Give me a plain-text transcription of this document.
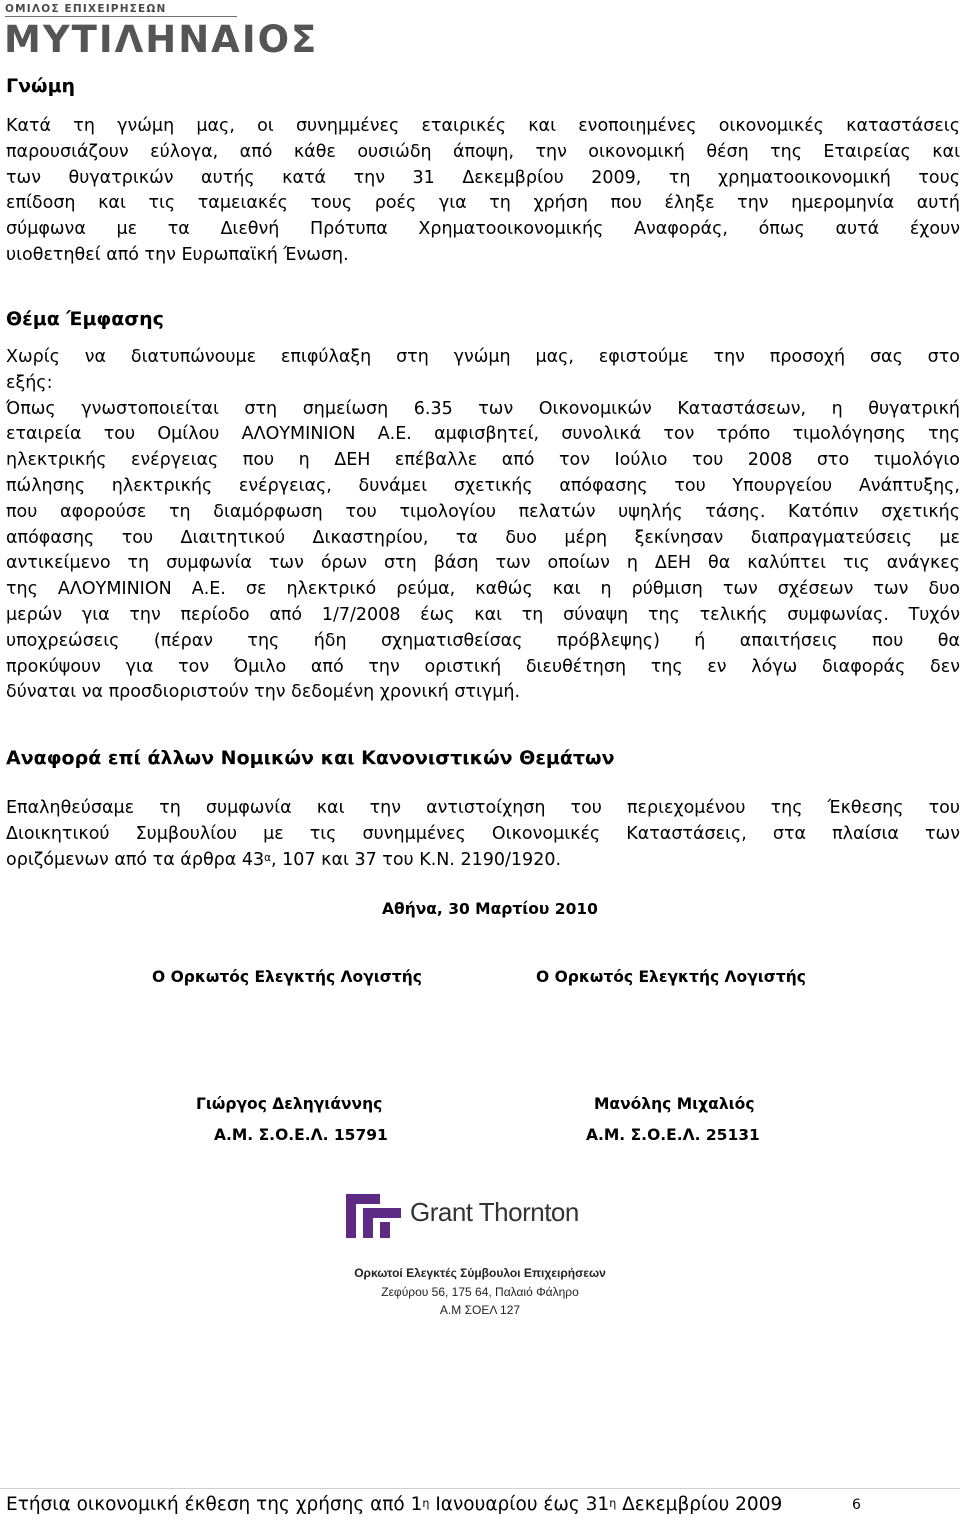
ΟΜΙΛΟΣ ΕΠΙΧΕΙΡΗΣΕΩΝ
ΜΥΤΙΛΗΝΑΙΟΣ
Γνώμη
Κατά τη γνώμη μας, οι συνημμένες εταιρικές και ενοποιημένες οικονομικές καταστάσεις
παρουσιάζουν εύλογα, από κάθε ουσιώδη άποψη, την οικονομική θέση της Εταιρείας και
των θυγατρικών αυτής κατά την 31 Δεκεμβρίου 2009, τη χρηματοοικονομική τους
επίδοση και τις ταμειακές τους ροές για τη χρήση που έληξε την ημερομηνία αυτή
σύμφωνα με τα Διεθνή Πρότυπα Χρηματοοικονομικής Αναφοράς, όπως αυτά έχουν
υιοθετηθεί από την Ευρωπαϊκή Ένωση.
Θέμα Έμφασης
Χωρίς να διατυπώνουμε επιφύλαξη στη γνώμη μας, εφιστούμε την προσοχή σας στο
εξής:
Όπως γνωστοποιείται στη σημείωση 6.35 των Οικονομικών Καταστάσεων, η θυγατρική
εταιρεία του Ομίλου ΑΛΟΥΜΙΝΙΟΝ Α.Ε. αμφισβητεί, συνολικά τον τρόπο τιμολόγησης της
ηλεκτρικής ενέργειας που η ΔΕΗ επέβαλλε από τον Ιούλιο του 2008 στο τιμολόγιο
πώλησης ηλεκτρικής ενέργειας, δυνάμει σχετικής απόφασης του Υπουργείου Ανάπτυξης,
που αφορούσε τη διαμόρφωση του τιμολογίου πελατών υψηλής τάσης. Κατόπιν σχετικής
απόφασης του Διαιτητικού Δικαστηρίου, τα δυο μέρη ξεκίνησαν διαπραγματεύσεις με
αντικείμενο τη συμφωνία των όρων στη βάση των οποίων η ΔΕΗ θα καλύπτει τις ανάγκες
της ΑΛΟΥΜΙΝΙΟΝ Α.Ε. σε ηλεκτρικό ρεύμα, καθώς και η ρύθμιση των σχέσεων των δυο
μερών για την περίοδο από 1/7/2008 έως και τη σύναψη της τελικής συμφωνίας. Τυχόν
υποχρεώσεις (πέραν της ήδη σχηματισθείσας πρόβλεψης) ή απαιτήσεις που θα
προκύψουν για τον Όμιλο από την οριστική διευθέτηση της εν λόγω διαφοράς δεν
δύναται να προσδιοριστούν την δεδομένη χρονική στιγμή.
Αναφορά επί άλλων Νομικών και Κανονιστικών Θεμάτων
Επαληθεύσαμε τη συμφωνία και την αντιστοίχηση του περιεχομένου της Έκθεσης του
Διοικητικού Συμβουλίου με τις συνημμένες Οικονομικές Καταστάσεις, στα πλαίσια των
οριζόμενων από τα άρθρα $43^\alpha$, 107 και 37 του Κ.Ν. 2190/1920.
Αθήνα, 30 Μαρτίου 2010
Ο Ορκωτός Ελεγκτής Λογιστής	Ο Ορκωτός Ελεγκτής Λογιστής
Γιώργος Δεληγιάννης	Μανόλης Μιχαλιός
Α.Μ. Σ.Ο.Ε.Λ. 15791	Α.Μ. Σ.Ο.Ε.Λ. 25131
Grant Thornton
Ορκωτοί Ελεγκτές Σύμβουλοι Επιχειρήσεων
Ζεφύρου 56, 175 64, Παλαιό Φάληρο
Α.Μ ΣΟΕΛ 127
Ετήσια οικονομική έκθεση της χρήσης από $1^\eta$ Ιανουαρίου έως $31^\eta$ Δεκεμβρίου 2009	6
